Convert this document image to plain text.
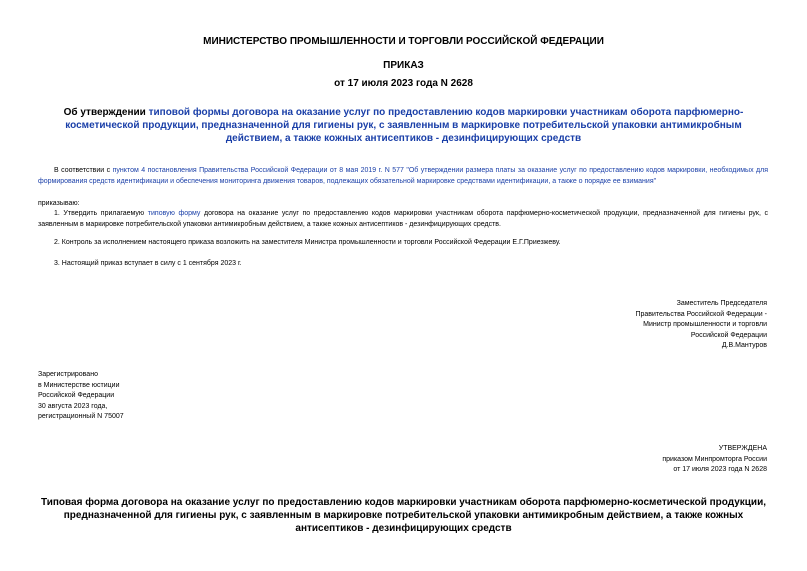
МИНИСТЕРСТВО ПРОМЫШЛЕННОСТИ И ТОРГОВЛИ РОССИЙСКОЙ ФЕДЕРАЦИИ
ПРИКАЗ
от 17 июля 2023 года N 2628
Об утверждении типовой формы договора на оказание услуг по предоставлению кодов маркировки участникам оборота парфюмерно-косметической продукции, предназначенной для гигиены рук, с заявленным в маркировке потребительской упаковки антимикробным действием, а также кожных антисептиков - дезинфицирующих средств
В соответствии с пунктом 4 постановления Правительства Российской Федерации от 8 мая 2019 г. N 577 "Об утверждении размера платы за оказание услуг по предоставлению кодов маркировки, необходимых для формирования средств идентификации и обеспечения мониторинга движения товаров, подлежащих обязательной маркировке средствами идентификации, а также о порядке ее взимания"
приказываю:
1. Утвердить прилагаемую типовую форму договора на оказание услуг по предоставлению кодов маркировки участникам оборота парфюмерно-косметической продукции, предназначенной для гигиены рук, с заявленным в маркировке потребительской упаковки антимикробным действием, а также кожных антисептиков - дезинфицирующих средств.
2. Контроль за исполнением настоящего приказа возложить на заместителя Министра промышленности и торговли Российской Федерации Е.Г.Приезжеву.
3. Настоящий приказ вступает в силу с 1 сентября 2023 г.
Заместитель Председателя
Правительства Российской Федерации -
Министр промышленности и торговли
Российской Федерации
Д.В.Мантуров
Зарегистрировано
в Министерстве юстиции
Российской Федерации
30 августа 2023 года,
регистрационный N 75007
УТВЕРЖДЕНА
приказом Минпромторга России
от 17 июля 2023 года N 2628
Типовая форма договора на оказание услуг по предоставлению кодов маркировки участникам оборота парфюмерно-косметической продукции, предназначенной для гигиены рук, с заявленным в маркировке потребительской упаковки антимикробным действием, а также кожных антисептиков - дезинфицирующих средств
